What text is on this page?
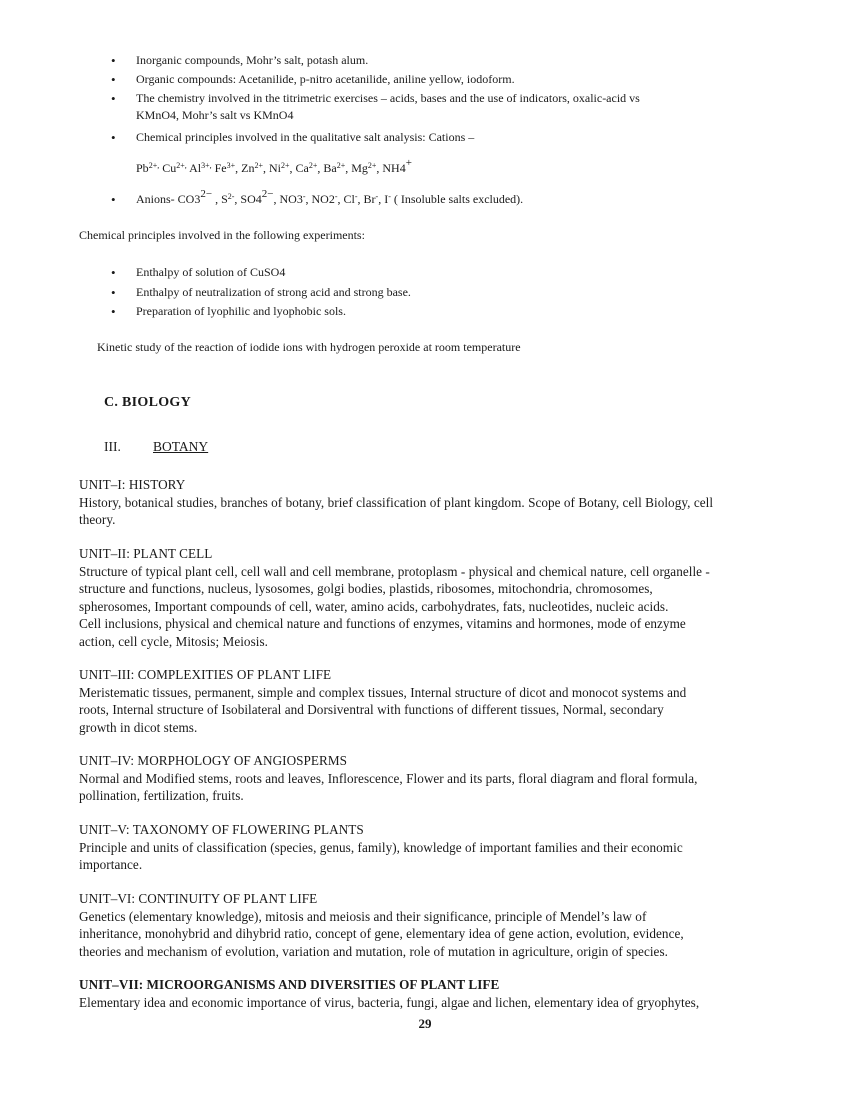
• Inorganic compounds, Mohr’s salt, potash alum.
• Organic compounds: Acetanilide, p-nitro acetanilide, aniline yellow, iodoform.
• The chemistry involved in the titrimetric exercises – acids, bases and the use of indicators, oxalic-acid vs
KMnO4, Mohr’s salt vs KMnO4
• Chemical principles involved in the qualitative salt analysis: Cations –
• Anions- $CO3^{2-}$ , $S^{2-}$, $SO4^{2-}$, NO3-, NO2-, Cl-, Br-, I- ( Insoluble salts excluded).
$Pb^{2+,}$ $Cu^{2+,}$ $Al^{3+,}$ $Fe^{3+}$, $Zn^{2+}$, $Ni^{2+}$, $Ca^{2+}$, $Ba^{2+}$, $Mg^{2+}$, NH4+
Chemical principles involved in the following experiments:
• Enthalpy of solution of CuSO4
• Enthalpy of neutralization of strong acid and strong base.
• Preparation of lyophilic and lyophobic sols.
Kinetic study of the reaction of iodide ions with hydrogen peroxide at room temperature
C. BIOLOGY
III. BOTANY
UNIT–I: HISTORY
History, botanical studies, branches of botany, brief classification of plant kingdom. Scope of Botany, cell Biology, cell
theory.
UNIT–II: PLANT CELL
Structure of typical plant cell, cell wall and cell membrane, protoplasm - physical and chemical nature, cell organelle -
structure and functions, nucleus, lysosomes, golgi bodies, plastids, ribosomes, mitochondria, chromosomes,
spherosomes, Important compounds of cell, water, amino acids, carbohydrates, fats, nucleotides, nucleic acids.
Cell inclusions, physical and chemical nature and functions of enzymes, vitamins and hormones, mode of enzyme
action, cell cycle, Mitosis; Meiosis.
UNIT–III: COMPLEXITIES OF PLANT LIFE
Meristematic tissues, permanent, simple and complex tissues, Internal structure of dicot and monocot systems and
roots, Internal structure of Isobilateral and Dorsiventral with functions of different tissues, Normal, secondary
growth in dicot stems.
UNIT–IV: MORPHOLOGY OF ANGIOSPERMS
Normal and Modified stems, roots and leaves, Inflorescence, Flower and its parts, floral diagram and floral formula,
pollination, fertilization, fruits.
UNIT–V: TAXONOMY OF FLOWERING PLANTS
Principle and units of classification (species, genus, family), knowledge of important families and their economic
importance.
UNIT–VI: CONTINUITY OF PLANT LIFE
Genetics (elementary knowledge), mitosis and meiosis and their significance, principle of Mendel’s law of
inheritance, monohybrid and dihybrid ratio, concept of gene, elementary idea of gene action, evolution, evidence,
theories and mechanism of evolution, variation and mutation, role of mutation in agriculture, origin of species.
UNIT–VII: MICROORGANISMS AND DIVERSITIES OF PLANT LIFE
Elementary idea and economic importance of virus, bacteria, fungi, algae and lichen, elementary idea of gryophytes,
29
